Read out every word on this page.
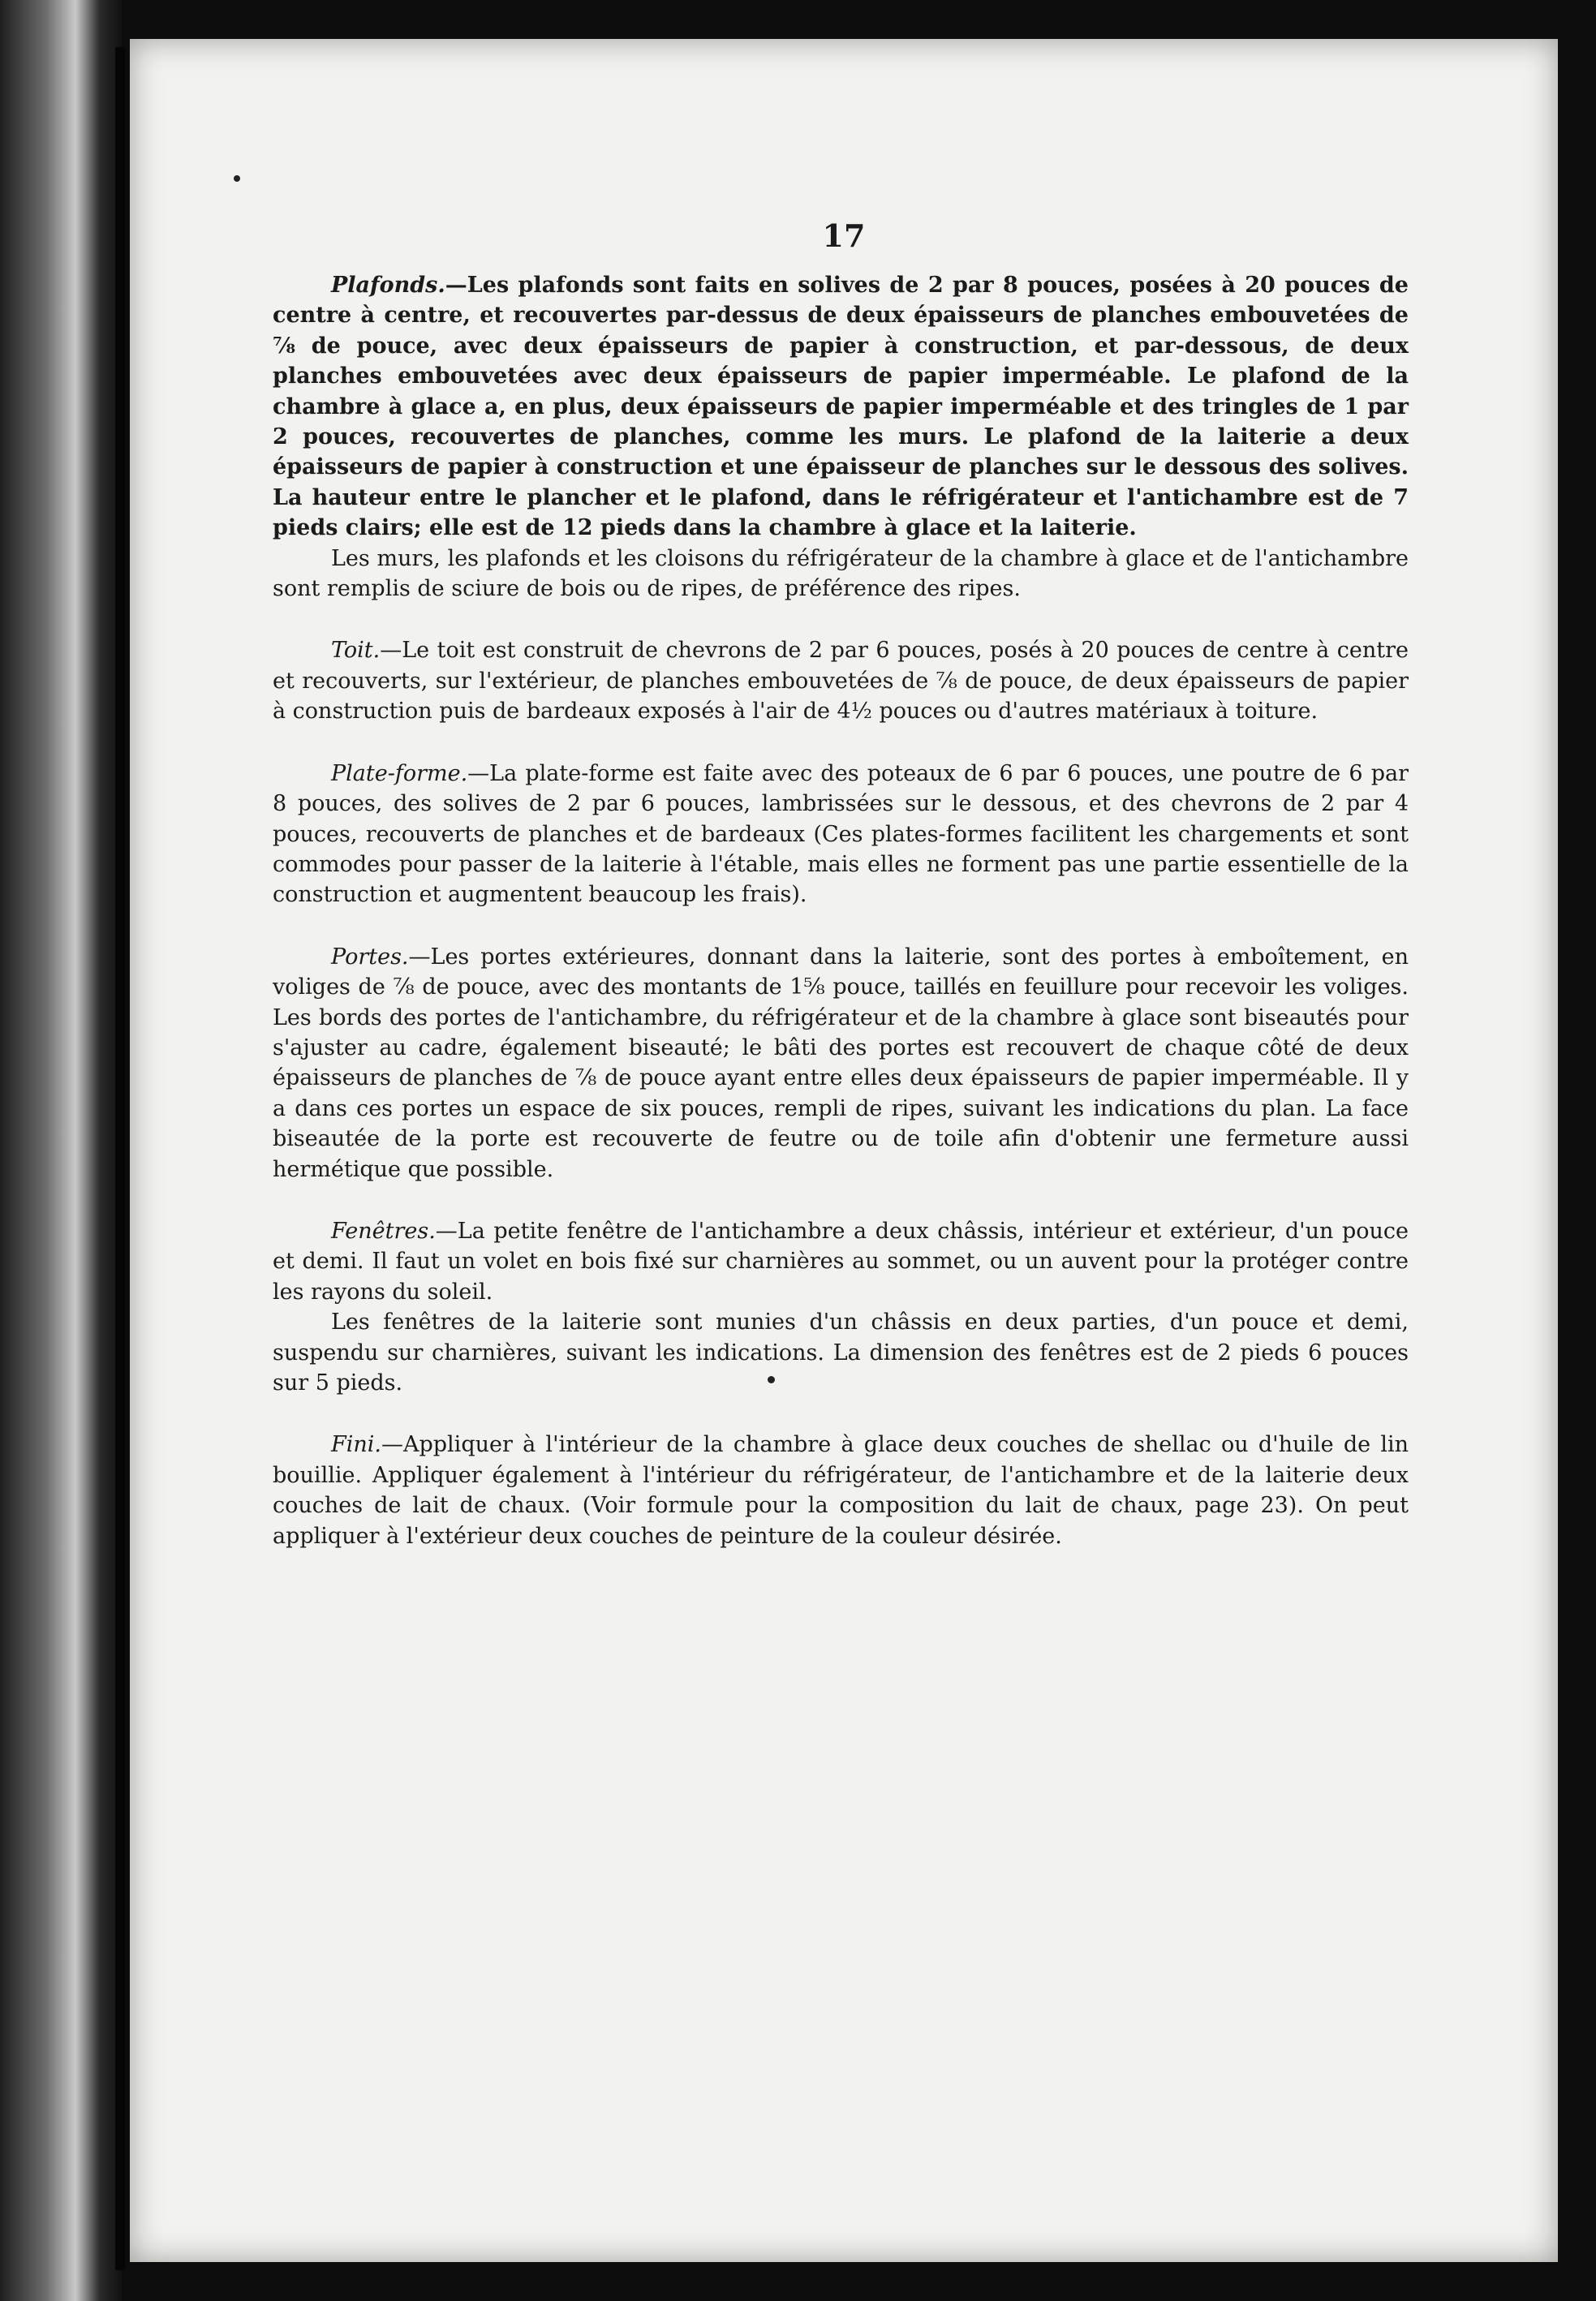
17

Plafonds.—Les plafonds sont faits en solives de 2 par 8 pouces, posées à 20 pouces de centre à centre, et recouvertes par-dessus de deux épaisseurs de planches embouvetées de ⅞ de pouce, avec deux épaisseurs de papier à construction, et par-dessous, de deux planches embouvetées avec deux épaisseurs de papier imperméable. Le plafond de la chambre à glace a, en plus, deux épaisseurs de papier imperméable et des tringles de 1 par 2 pouces, recouvertes de planches, comme les murs. Le plafond de la laiterie a deux épaisseurs de papier à construction et une épaisseur de planches sur le dessous des solives. La hauteur entre le plancher et le plafond, dans le réfrigérateur et l'antichambre est de 7 pieds clairs; elle est de 12 pieds dans la chambre à glace et la laiterie.

Les murs, les plafonds et les cloisons du réfrigérateur de la chambre à glace et de l'antichambre sont remplis de sciure de bois ou de ripes, de préférence des ripes.

Toit.—Le toit est construit de chevrons de 2 par 6 pouces, posés à 20 pouces de centre à centre et recouverts, sur l'extérieur, de planches embouvetées de ⅞ de pouce, de deux épaisseurs de papier à construction puis de bardeaux exposés à l'air de 4½ pouces ou d'autres matériaux à toiture.

Plate-forme.—La plate-forme est faite avec des poteaux de 6 par 6 pouces, une poutre de 6 par 8 pouces, des solives de 2 par 6 pouces, lambrissées sur le dessous, et des chevrons de 2 par 4 pouces, recouverts de planches et de bardeaux (Ces plates-formes facilitent les chargements et sont commodes pour passer de la laiterie à l'étable, mais elles ne forment pas une partie essentielle de la construction et augmentent beaucoup les frais).

Portes.—Les portes extérieures, donnant dans la laiterie, sont des portes à emboîtement, en voliges de ⅞ de pouce, avec des montants de 1⅝ pouce, taillés en feuillure pour recevoir les voliges. Les bords des portes de l'antichambre, du réfrigérateur et de la chambre à glace sont biseautés pour s'ajuster au cadre, également biseauté; le bâti des portes est recouvert de chaque côté de deux épaisseurs de planches de ⅞ de pouce ayant entre elles deux épaisseurs de papier imperméable. Il y a dans ces portes un espace de six pouces, rempli de ripes, suivant les indications du plan. La face biseautée de la porte est recouverte de feutre ou de toile afin d'obtenir une fermeture aussi hermétique que possible.

Fenêtres.—La petite fenêtre de l'antichambre a deux châssis, intérieur et extérieur, d'un pouce et demi. Il faut un volet en bois fixé sur charnières au sommet, ou un auvent pour la protéger contre les rayons du soleil.

Les fenêtres de la laiterie sont munies d'un châssis en deux parties, d'un pouce et demi, suspendu sur charnières, suivant les indications. La dimension des fenêtres est de 2 pieds 6 pouces sur 5 pieds.

Fini.—Appliquer à l'intérieur de la chambre à glace deux couches de shellac ou d'huile de lin bouillie. Appliquer également à l'intérieur du réfrigérateur, de l'antichambre et de la laiterie deux couches de lait de chaux. (Voir formule pour la composition du lait de chaux, page 23). On peut appliquer à l'extérieur deux couches de peinture de la couleur désirée.
